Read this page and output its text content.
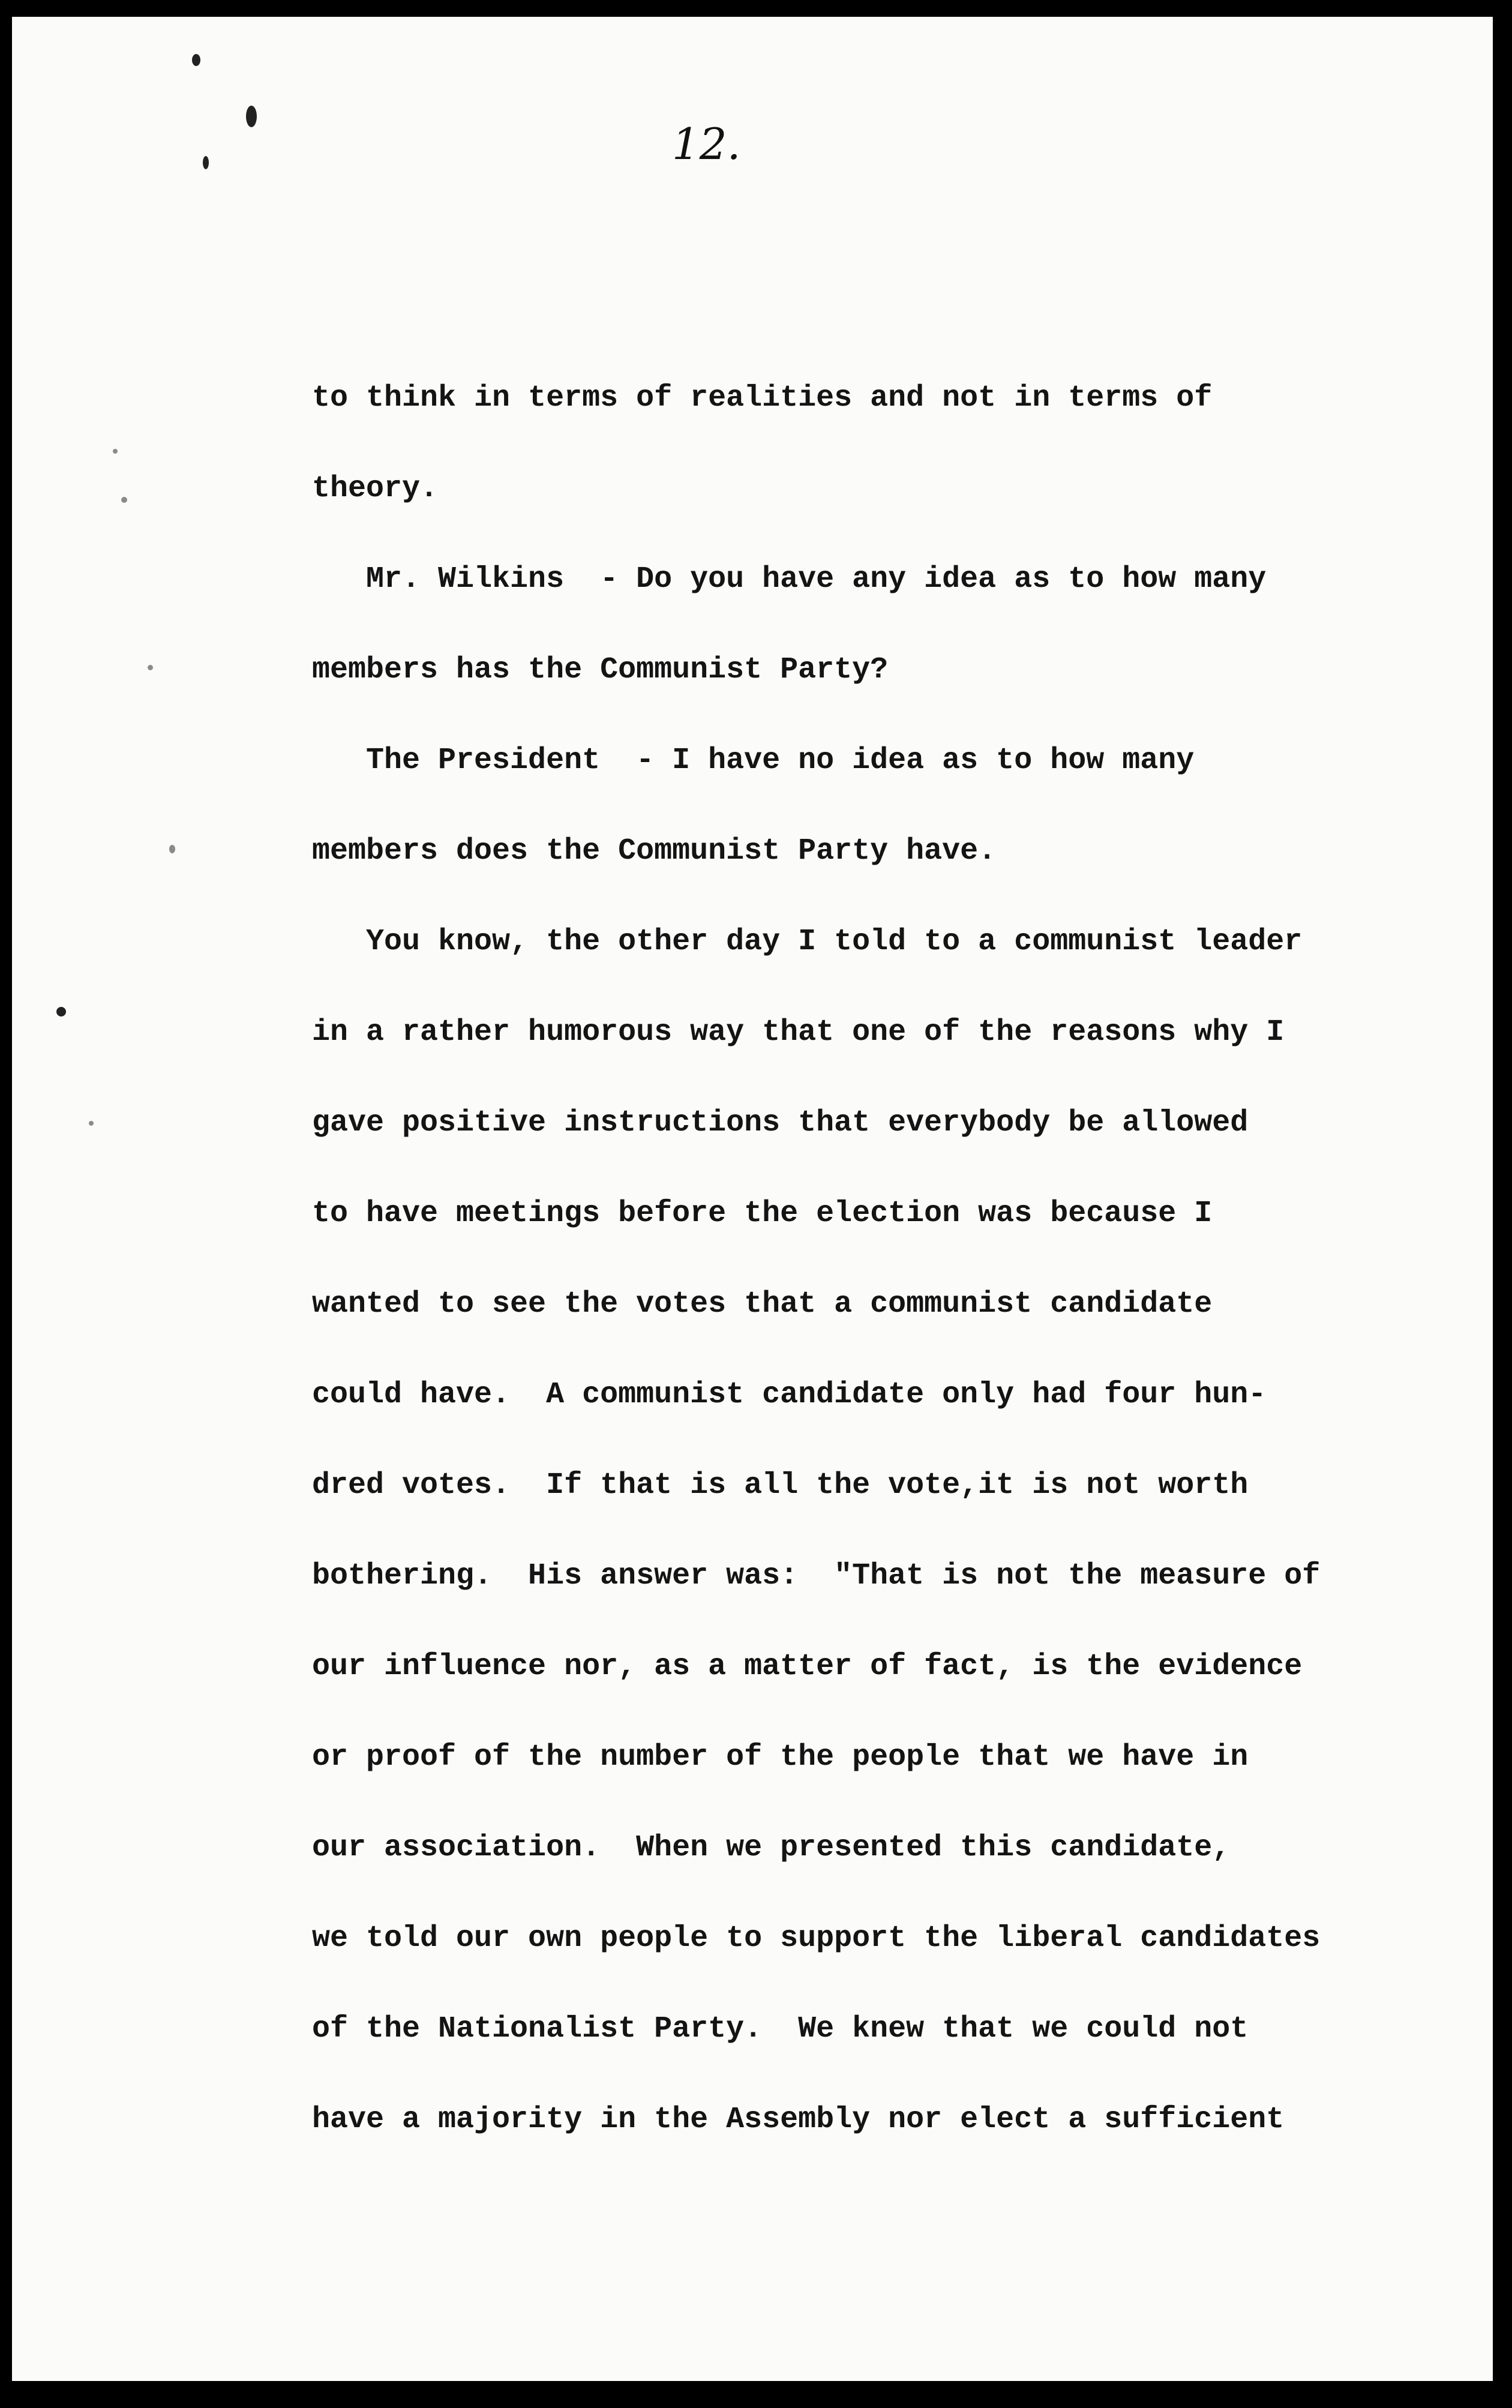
12.
to think in terms of realities and not in terms of
theory.
Mr. Wilkins  - Do you have any idea as to how many
members has the Communist Party?
The President  - I have no idea as to how many
members does the Communist Party have.
You know, the other day I told to a communist leader
in a rather humorous way that one of the reasons why I
gave positive instructions that everybody be allowed
to have meetings before the election was because I
wanted to see the votes that a communist candidate
could have.  A communist candidate only had four hun-
dred votes.  If that is all the vote,it is not worth
bothering.  His answer was:  "That is not the measure of
our influence nor, as a matter of fact, is the evidence
or proof of the number of the people that we have in
our association.  When we presented this candidate,
we told our own people to support the liberal candidates
of the Nationalist Party.  We knew that we could not
have a majority in the Assembly nor elect a sufficient
